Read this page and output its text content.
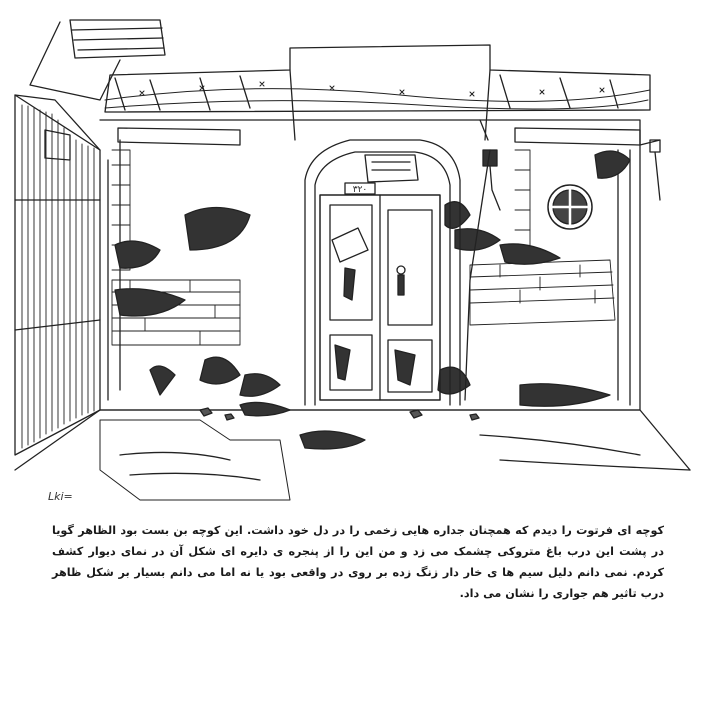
۳۲۰
Lki=
کوچه ای فرتوت را دیدم که همچنان جداره هایی زخمی را در دل خود داشت. این کوچه بن بست بود الظاهر گویا در پشت این درب باغ متروکی چشمک می زد و من این را از پنجره ی دایره ای شکل آن در نمای دیوار کشف کردم. نمی دانم دلیل سیم ها ی خار دار زنگ زده بر روی در واقعی بود یا نه اما می دانم بسیار بر شکل ظاهر درب تاثیر هم جواری را نشان می داد.
